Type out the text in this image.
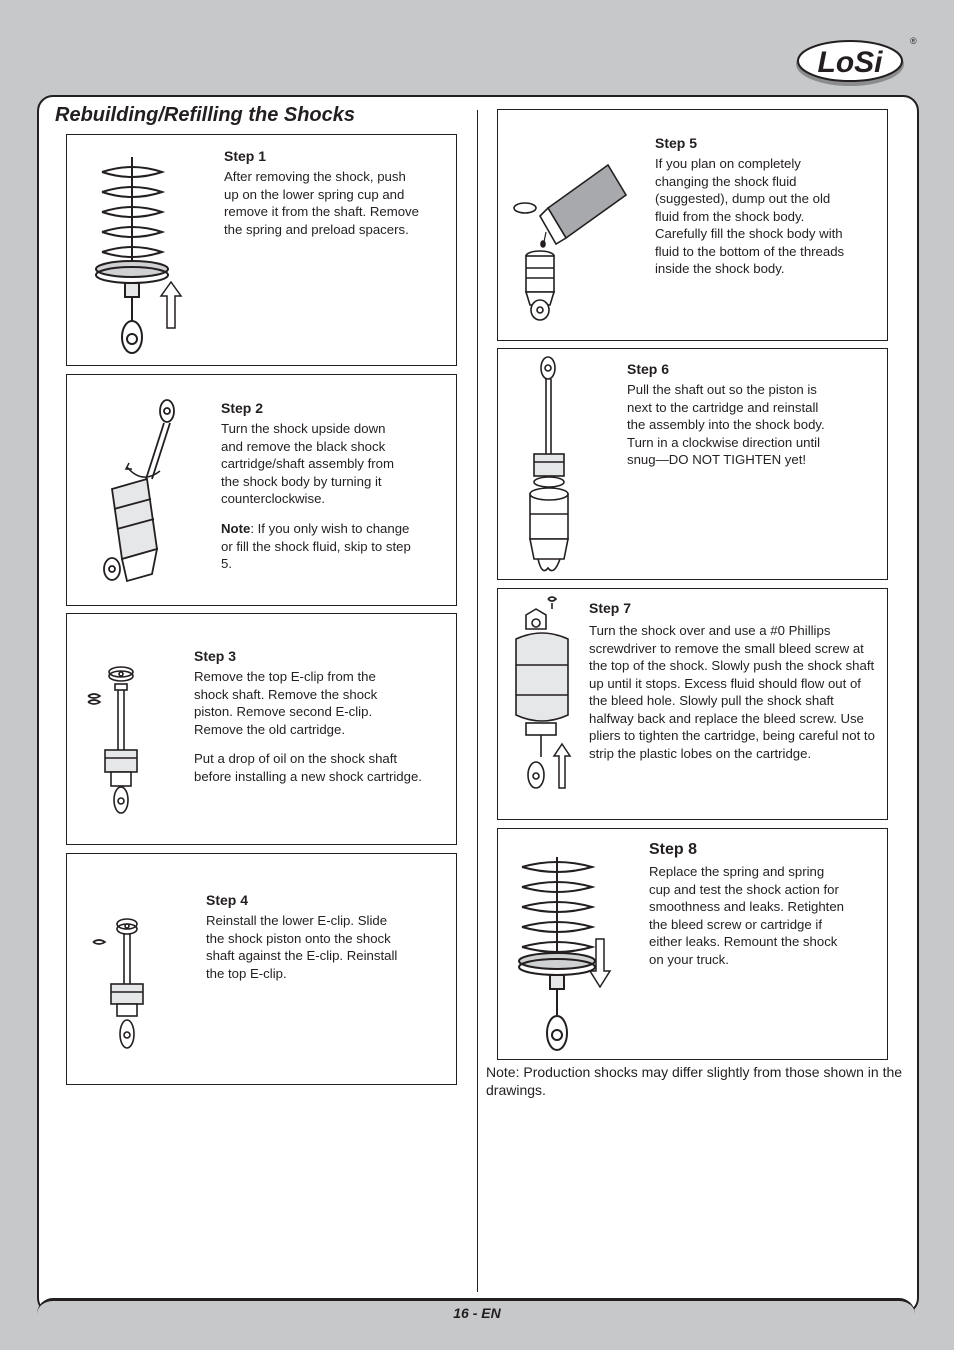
LoSi
®
Rebuilding/Refilling the Shocks

Step 1

After removing the shock, push up on the lower spring cup and remove it from the shaft. Remove the spring and preload spacers.

Step 2

Turn the shock upside down and remove the black shock cartridge/shaft assembly from the shock body by turning it counterclockwise.

Note: If you only wish to change or fill the shock fluid, skip to step 5.

Step 3

Remove the top E-clip from the shock shaft. Remove the shock piston. Remove second E-clip. Remove the old cartridge.

Put a drop of oil on the shock shaft before installing a new shock cartridge.

Step 4

Reinstall the lower E-clip. Slide the shock piston onto the shock shaft against the E-clip. Reinstall the top E-clip.

Step 5

If you plan on completely changing the shock fluid (suggested), dump out the old fluid from the shock body. Carefully fill the shock body with fluid to the bottom of the threads inside the shock body.

Step 6

Pull the shaft out so the piston is next to the cartridge and reinstall the assembly into the shock body. Turn in a clockwise direction until snug—DO NOT TIGHTEN yet!

Step 7

Turn the shock over and use a #0 Phillips screwdriver to remove the small bleed screw at the top of the shock. Slowly push the shock shaft up until it stops. Excess fluid should flow out of the bleed hole. Slowly pull the shock shaft halfway back and replace the bleed screw. Use pliers to tighten the cartridge, being careful not to strip the plastic lobes on the cartridge.

Step 8

Replace the spring and spring cup and test the shock action for smoothness and leaks. Retighten the bleed screw or cartridge if either leaks. Remount the shock on your truck.

Note: Production shocks may differ slightly from those shown in the drawings.

16 - EN
